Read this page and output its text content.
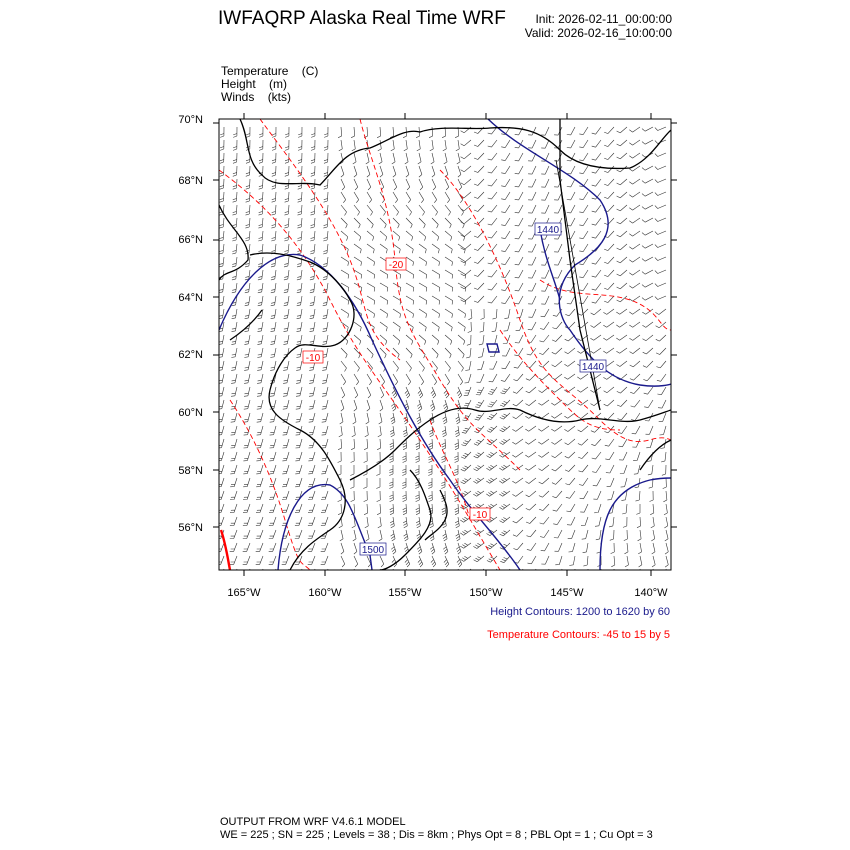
IWFAQRP Alaska Real Time WRF Init: 2026-02-11_00:00:00
Valid: 2026-02-16_10:00:00
Temperature (C)
Height (m)
Winds (kts)
70°N
68°N
66°N
64°N
62°N
60°N
58°N
56°N
165°W	160°W	155°W	150°W	145°W	140°W
1440
1440
1500
-20
-10
-10
Height Contours: 1200 to 1620 by 60
Temperature Contours: -45 to 15 by 5
OUTPUT FROM WRF V4.6.1 MODEL
WE = 225 ; SN = 225 ; Levels = 38 ; Dis = 8km ; Phys Opt = 8 ; PBL Opt = 1 ; Cu Opt = 3
